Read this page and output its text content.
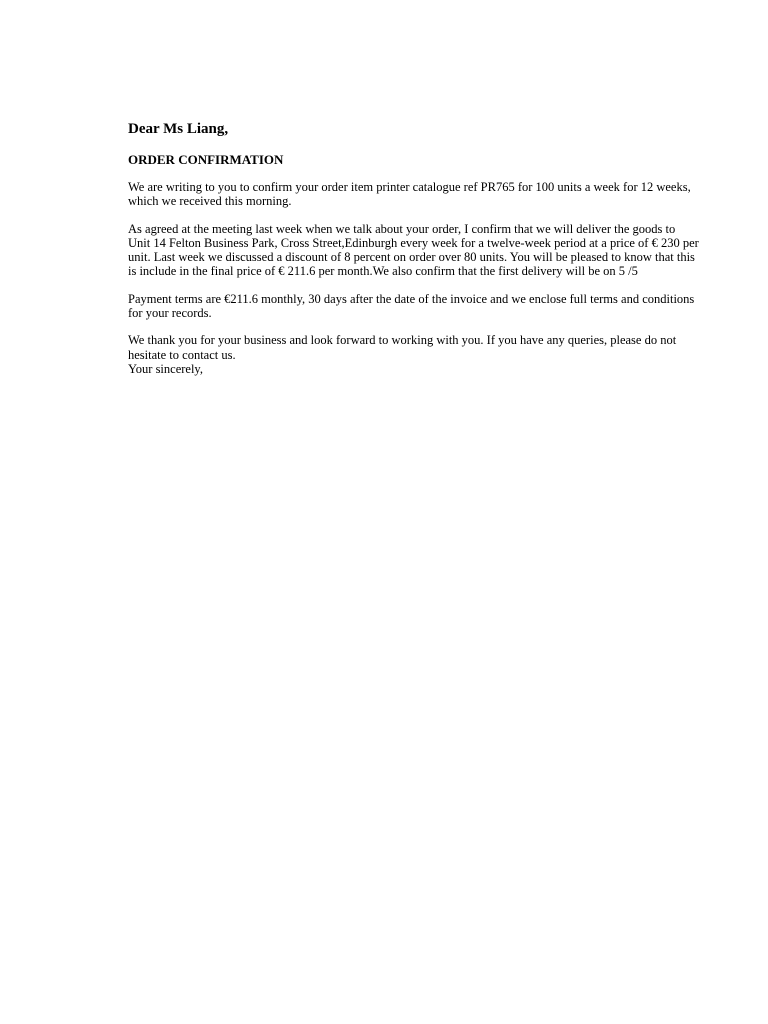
Dear Ms Liang,
ORDER CONFIRMATION

We are writing to you to confirm your order item printer catalogue ref PR765 for 100 units a week for 12 weeks, which we received this morning.

As agreed at the meeting last week when we talk about your order, I confirm that we will deliver the goods to Unit 14 Felton Business Park, Cross Street,Edinburgh every week for a twelve-week period at a price of € 230 per unit. Last week we discussed a discount of 8 percent on order over 80 units. You will be pleased to know that this is include in the final price of € 211.6 per month.We also confirm that the first delivery will be on 5 /5

Payment terms are €211.6 monthly, 30 days after the date of the invoice and we enclose full terms and conditions for your records.

We thank you for your business and look forward to working with you. If you have any queries, please do not hesitate to contact us.

Your sincerely,
